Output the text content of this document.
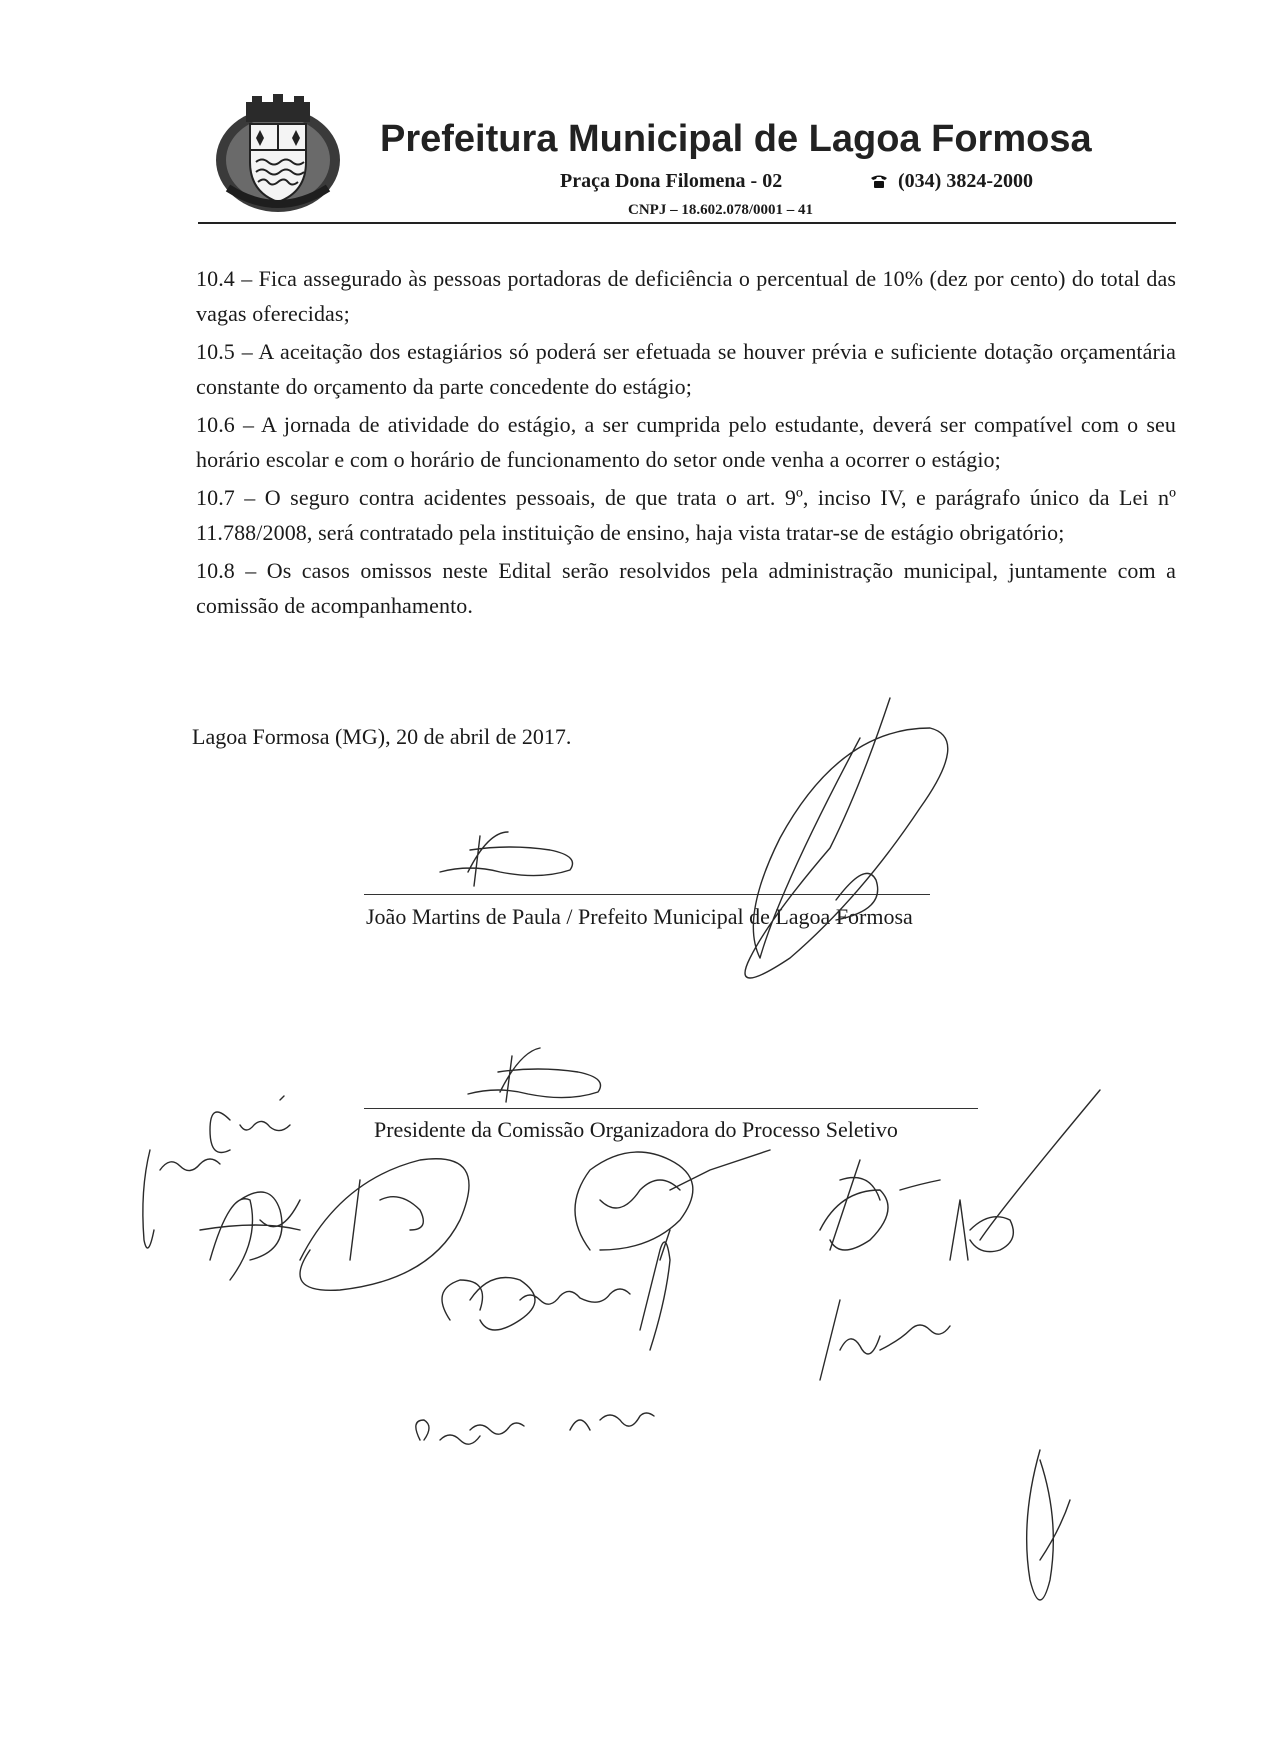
Prefeitura Municipal de Lagoa Formosa
Praça Dona Filomena - 02	(034) 3824-2000
CNPJ – 18.602.078/0001 – 41
10.4 – Fica assegurado às pessoas portadoras de deficiência o percentual de 10% (dez por cento) do total das vagas oferecidas;
10.5 – A aceitação dos estagiários só poderá ser efetuada se houver prévia e suficiente dotação orçamentária constante do orçamento da parte concedente do estágio;
10.6 – A jornada de atividade do estágio, a ser cumprida pelo estudante, deverá ser compatível com o seu horário escolar e com o horário de funcionamento do setor onde venha a ocorrer o estágio;
10.7 – O seguro contra acidentes pessoais, de que trata o art. 9º, inciso IV, e parágrafo único da Lei nº 11.788/2008, será contratado pela instituição de ensino, haja vista tratar-se de estágio obrigatório;
10.8 – Os casos omissos neste Edital serão resolvidos pela administração municipal, juntamente com a comissão de acompanhamento.
Lagoa Formosa (MG), 20 de abril de 2017.
João Martins de Paula / Prefeito Municipal de Lagoa Formosa
Presidente da Comissão Organizadora do Processo Seletivo
